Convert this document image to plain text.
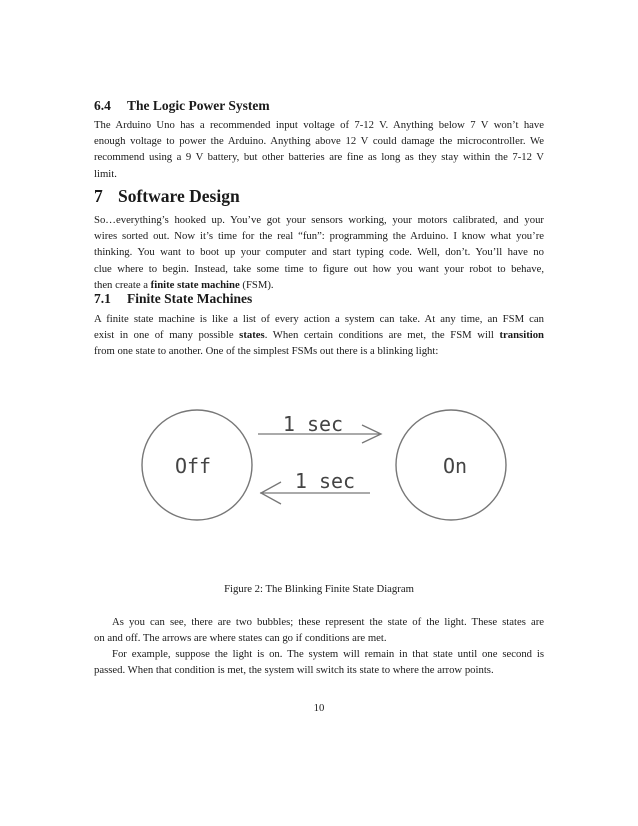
6.4 The Logic Power System
The Arduino Uno has a recommended input voltage of 7-12 V. Anything below 7 V won’t have
enough voltage to power the Arduino. Anything above 12 V could damage the microcontroller. We
recommend using a 9 V battery, but other batteries are fine as long as they stay within the 7-12 V
limit.
7 Software Design
So…everything’s hooked up. You’ve got your sensors working, your motors calibrated, and your
wires sorted out. Now it’s time for the real “fun”: programming the Arduino. I know what you’re
thinking. You want to boot up your computer and start typing code. Well, don’t. You’ll have no
clue where to begin. Instead, take some time to figure out how you want your robot to behave,
then create a finite state machine (FSM).
7.1 Finite State Machines
A finite state machine is like a list of every action a system can take. At any time, an FSM can
exist in one of many possible states. When certain conditions are met, the FSM will transition
from one state to another. One of the simplest FSMs out there is a blinking light:
Off	On
1 sec
1 sec

Figure 2: The Blinking Finite State Diagram

As you can see, there are two bubbles; these represent the state of the light. These states are
on and off. The arrows are where states can go if conditions are met.
For example, suppose the light is on. The system will remain in that state until one second is
passed. When that condition is met, the system will switch its state to where the arrow points.

10
